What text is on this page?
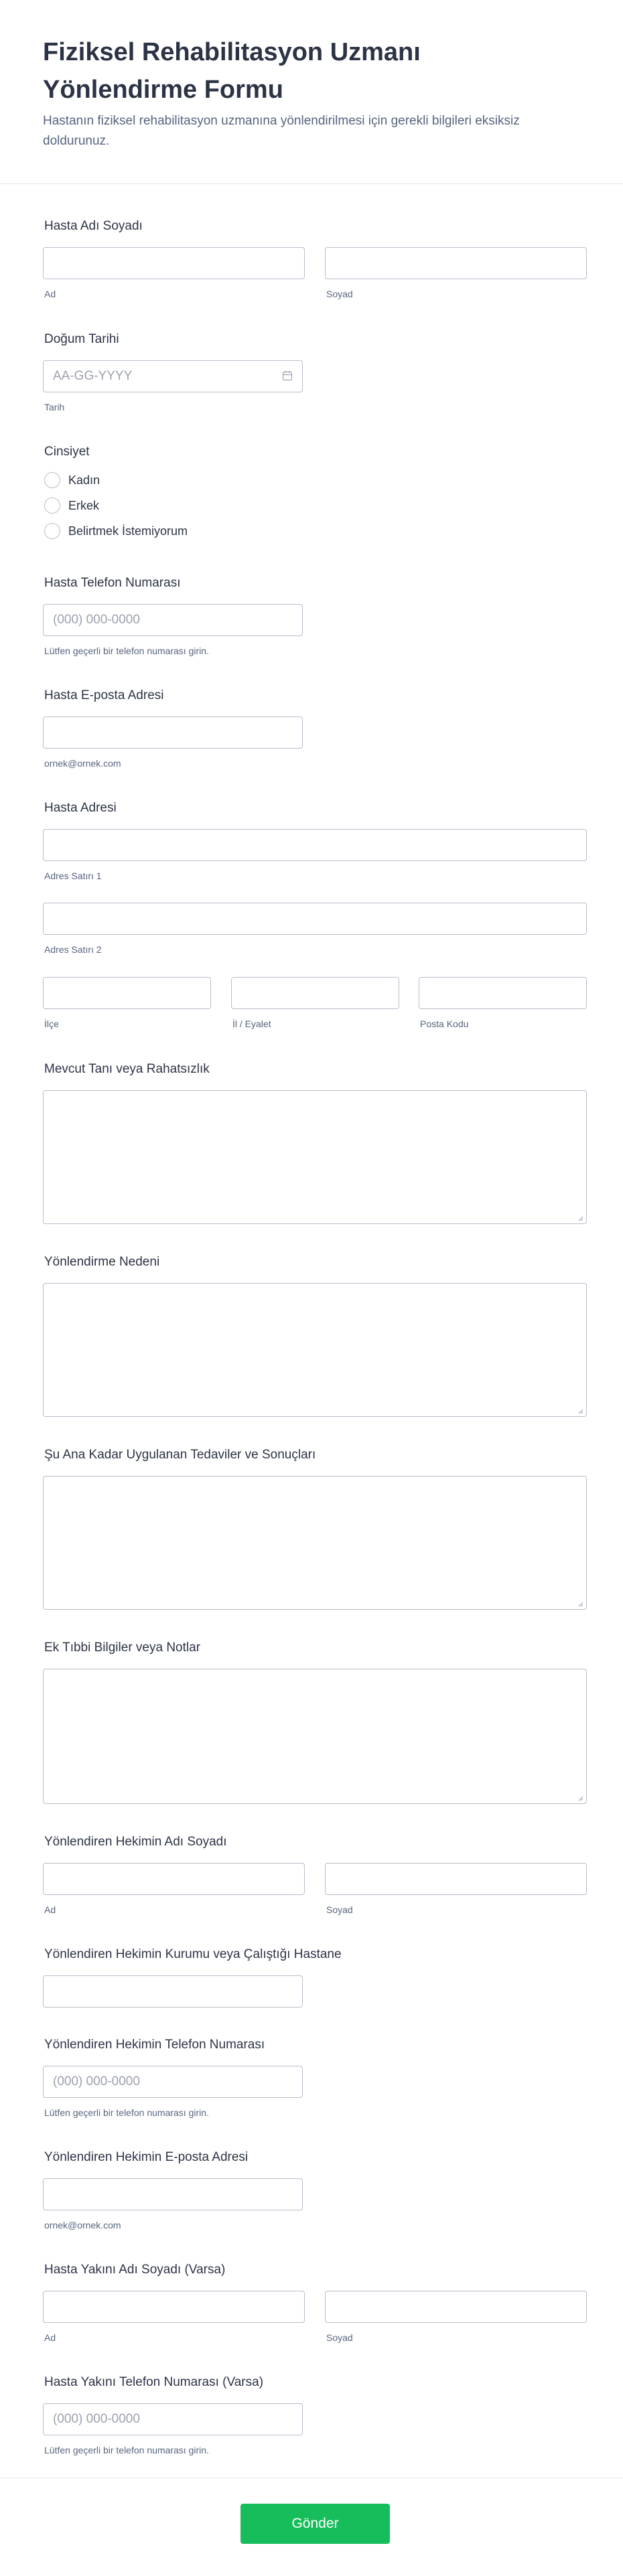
Fiziksel Rehabilitasyon Uzmanı
Yönlendirme Formu

Hastanın fiziksel rehabilitasyon uzmanına yönlendirilmesi için gerekli bilgileri eksiksiz doldurunuz.

Hasta Adı Soyadı
Ad	Soyad
Doğum Tarihi
AA-GG-YYYY
Tarih
Cinsiyet
Kadın
Erkek
Belirtmek İstemiyorum
Hasta Telefon Numarası
(000) 000-0000
Lütfen geçerli bir telefon numarası girin.
Hasta E-posta Adresi
ornek@ornek.com
Hasta Adresi
Adres Satırı 1
Adres Satırı 2
İlçe	İl / Eyalet	Posta Kodu
Mevcut Tanı veya Rahatsızlık
Yönlendirme Nedeni
Şu Ana Kadar Uygulanan Tedaviler ve Sonuçları
Ek Tıbbi Bilgiler veya Notlar
Yönlendiren Hekimin Adı Soyadı
Ad	Soyad
Yönlendiren Hekimin Kurumu veya Çalıştığı Hastane
Yönlendiren Hekimin Telefon Numarası
(000) 000-0000
Lütfen geçerli bir telefon numarası girin.
Yönlendiren Hekimin E-posta Adresi
ornek@ornek.com
Hasta Yakını Adı Soyadı (Varsa)
Ad	Soyad
Hasta Yakını Telefon Numarası (Varsa)
(000) 000-0000
Lütfen geçerli bir telefon numarası girin.
Gönder
